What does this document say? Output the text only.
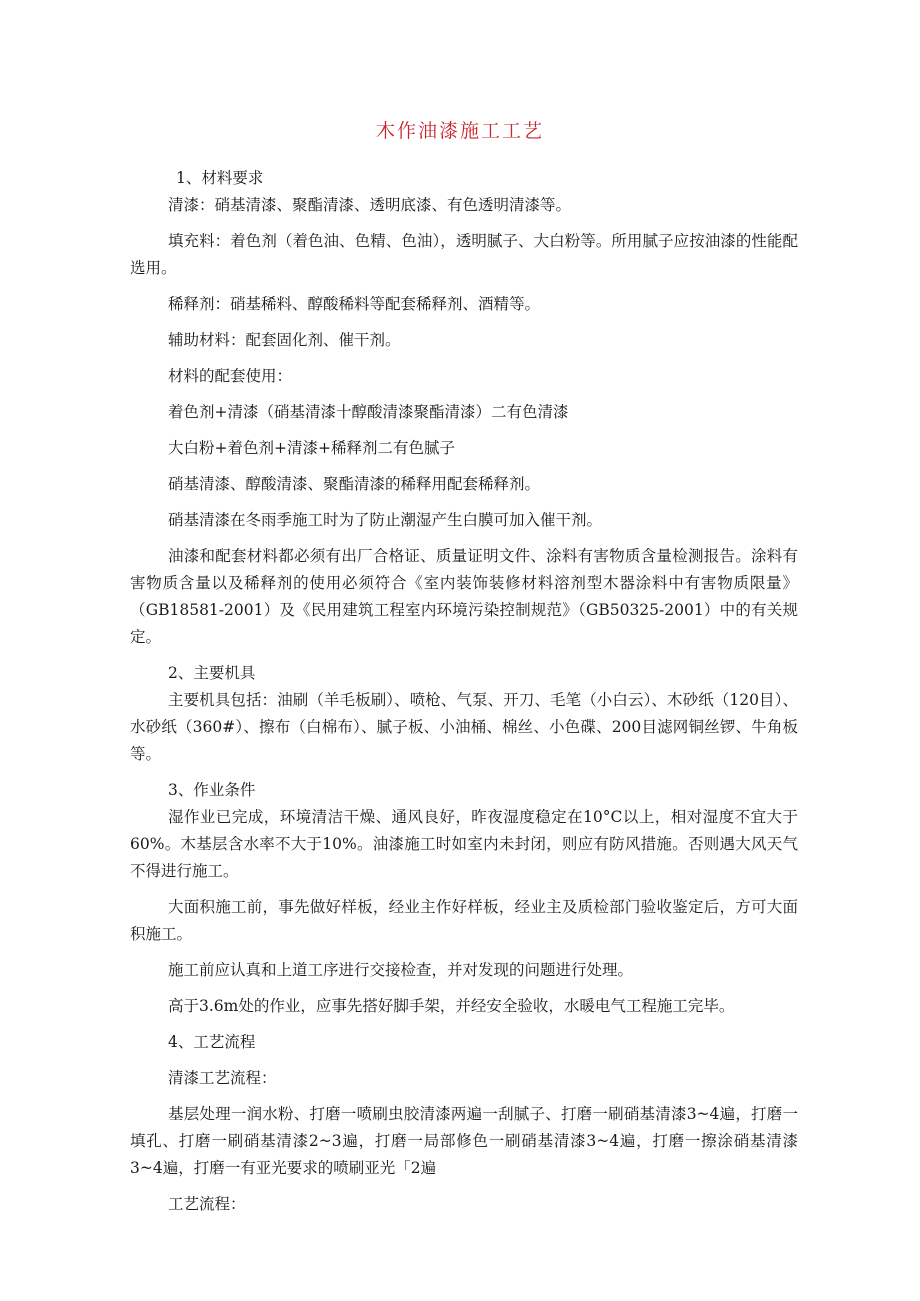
木作油漆施工工艺

1、材料要求

清漆：硝基清漆、聚酯清漆、透明底漆、有色透明清漆等。

填充料：着色剂（着色油、色精、色油），透明腻子、大白粉等。所用腻子应按油漆的性能配选用。

稀释剂：硝基稀料、醇酸稀料等配套稀释剂、酒精等。

辅助材料：配套固化剂、催干剂。

材料的配套使用：

着色剂+清漆（硝基清漆十醇酸清漆聚酯清漆）二有色清漆

大白粉+着色剂+清漆+稀释剂二有色腻子

硝基清漆、醇酸清漆、聚酯清漆的稀释用配套稀释剂。

硝基清漆在冬雨季施工时为了防止潮湿产生白膜可加入催干剂。

油漆和配套材料都必须有出厂合格证、质量证明文件、涂料有害物质含量检测报告。涂料有害物质含量以及稀释剂的使用必须符合《室内装饰装修材料溶剂型木器涂料中有害物质限量》（GB18581-2001）及《民用建筑工程室内环境污染控制规范》（GB50325-2001）中的有关规定。

2、主要机具

主要机具包括：油刷（羊毛板刷）、喷枪、气泵、开刀、毛笔（小白云）、木砂纸（120目）、水砂纸（360#）、擦布（白棉布）、腻子板、小油桶、棉丝、小色碟、200目滤网铜丝锣、牛角板等。

3、作业条件

湿作业已完成，环境清洁干燥、通风良好，昨夜湿度稳定在10°C以上，相对湿度不宜大于60%。木基层含水率不大于10%。油漆施工时如室内未封闭，则应有防风措施。否则遇大风天气不得进行施工。

大面积施工前，事先做好样板，经业主作好样板，经业主及质检部门验收鉴定后，方可大面积施工。

施工前应认真和上道工序进行交接检查，并对发现的问题进行处理。

高于3.6m处的作业，应事先搭好脚手架，并经安全验收，水暖电气工程施工完毕。

4、工艺流程

清漆工艺流程：

基层处理一润水粉、打磨一喷刷虫胶清漆两遍一刮腻子、打磨一刷硝基清漆3~4遍，打磨一填孔、打磨一刷硝基清漆2~3遍，打磨一局部修色一刷硝基清漆3~4遍，打磨一擦涂硝基清漆3~4遍，打磨一有亚光要求的喷刷亚光「2遍

工艺流程：
